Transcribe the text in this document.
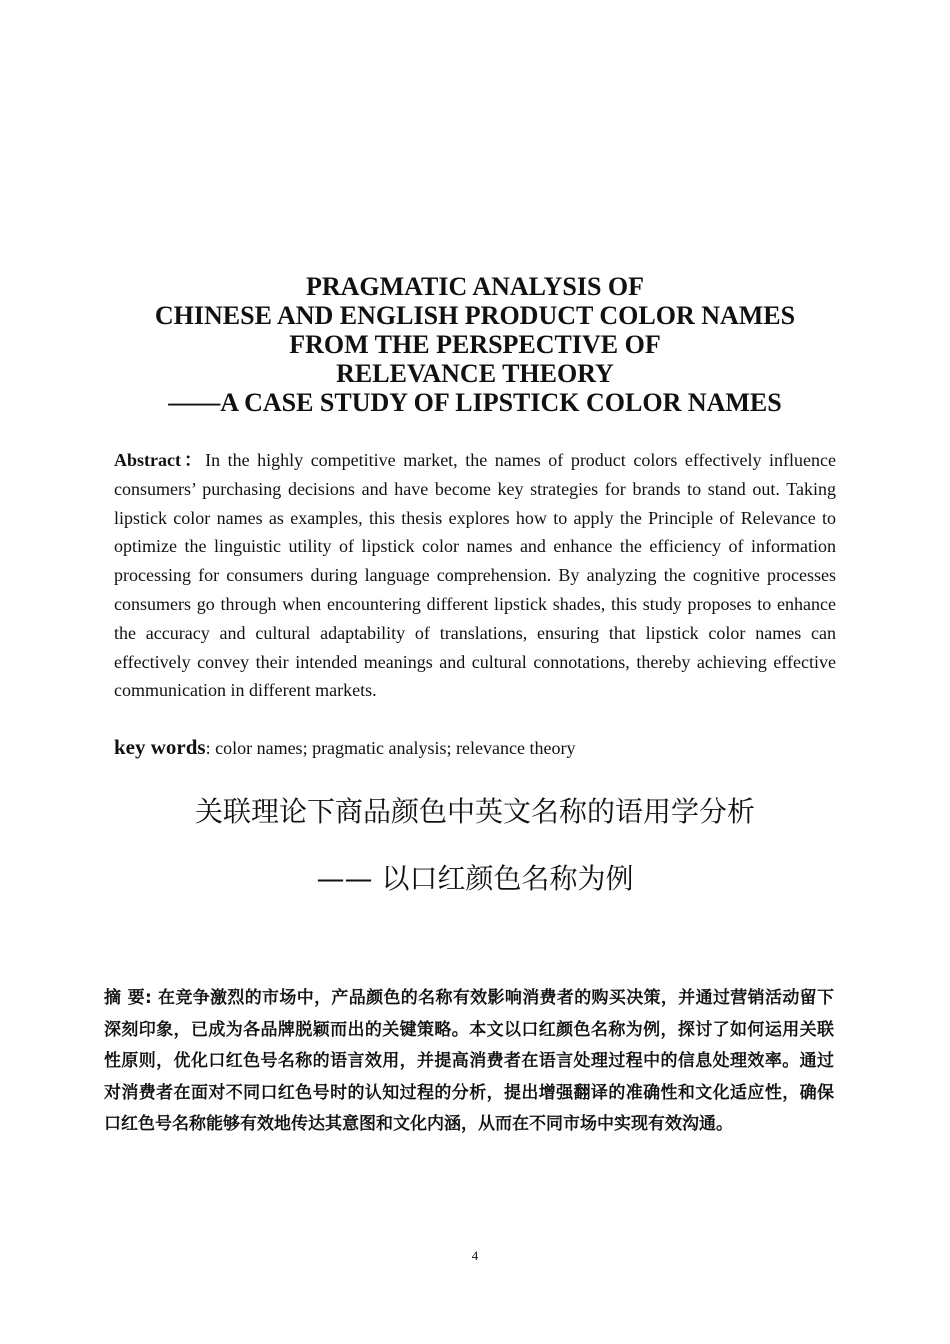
PRAGMATIC ANALYSIS OF
CHINESE AND ENGLISH PRODUCT COLOR NAMES
FROM THE PERSPECTIVE OF
RELEVANCE THEORY
——A CASE STUDY OF LIPSTICK COLOR NAMES
Abstract：In the highly competitive market, the names of product colors effectively influence consumers’ purchasing decisions and have become key strategies for brands to stand out. Taking lipstick color names as examples, this thesis explores how to apply the Principle of Relevance to optimize the linguistic utility of lipstick color names and enhance the efficiency of information processing for consumers during language comprehension. By analyzing the cognitive processes consumers go through when encountering different lipstick shades, this study proposes to enhance the accuracy and cultural adaptability of translations, ensuring that lipstick color names can effectively convey their intended meanings and cultural connotations, thereby achieving effective communication in different markets.
key words: color names; pragmatic analysis; relevance theory
关联理论下商品颜色中英文名称的语用学分析
—— 以口红颜色名称为例
摘 要: 在竞争激烈的市场中，产品颜色的名称有效影响消费者的购买决策，并通过营销活动留下深刻印象，已成为各品牌脱颖而出的关键策略。本文以口红颜色名称为例，探讨了如何运用关联性原则，优化口红色号名称的语言效用，并提高消费者在语言处理过程中的信息处理效率。通过对消费者在面对不同口红色号时的认知过程的分析，提出增强翻译的准确性和文化适应性，确保口红色号名称能够有效地传达其意图和文化内涵，从而在不同市场中实现有效沟通。
4
